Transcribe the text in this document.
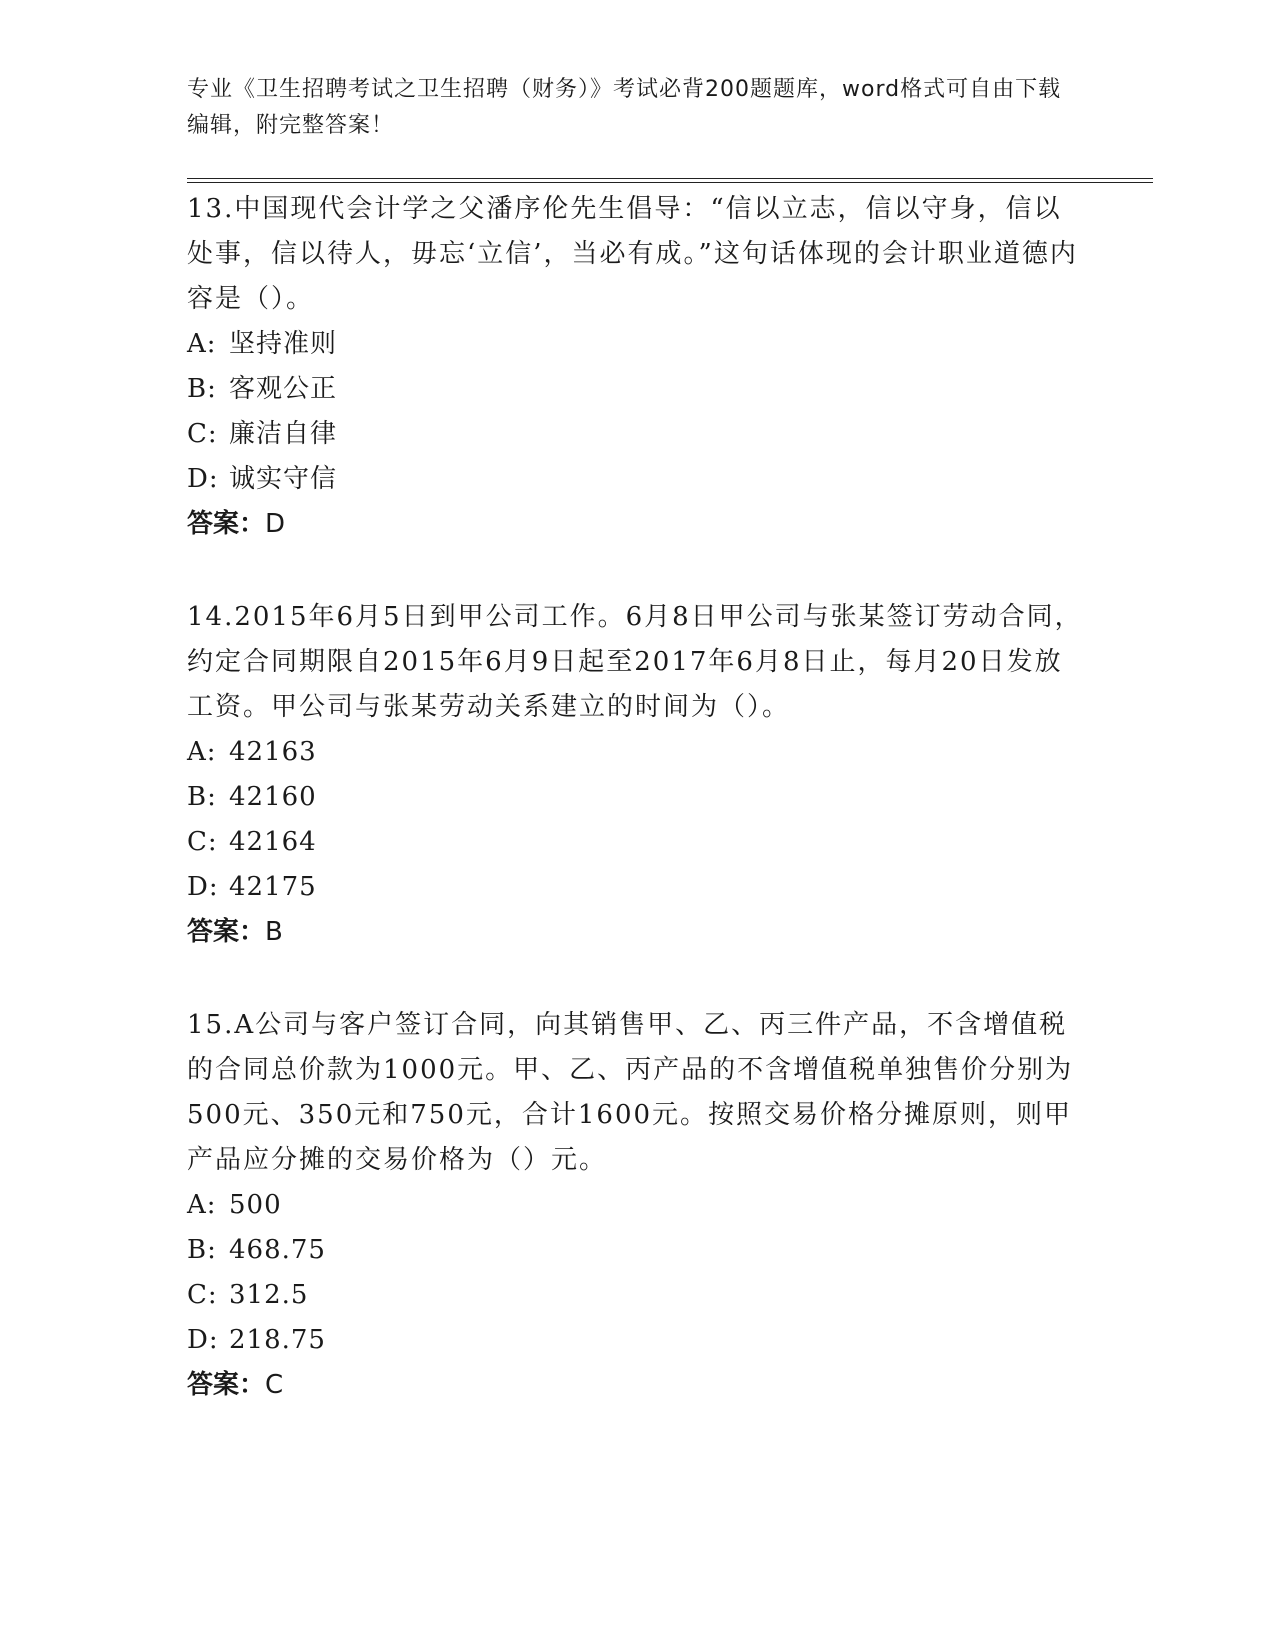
专业《卫生招聘考试之卫生招聘（财务）》考试必背200题题库，word格式可自由下载编辑，附完整答案！

13.中国现代会计学之父潘序伦先生倡导：“信以立志，信以守身，信以处事，信以待人，毋忘‘立信’，当必有成。”这句话体现的会计职业道德内容是（）。

A: 坚持准则

B: 客观公正

C: 廉洁自律

D: 诚实守信

答案：D

14.2015年6月5日到甲公司工作。6月8日甲公司与张某签订劳动合同，约定合同期限自2015年6月9日起至2017年6月8日止，每月20日发放工资。甲公司与张某劳动关系建立的时间为（）。

A: 42163

B: 42160

C: 42164

D: 42175

答案：B

15.A公司与客户签订合同，向其销售甲、乙、丙三件产品，不含增值税的合同总价款为1000元。甲、乙、丙产品的不含增值税单独售价分别为500元、350元和750元，合计1600元。按照交易价格分摊原则，则甲产品应分摊的交易价格为（）元。

A: 500

B: 468.75

C: 312.5

D: 218.75

答案：C
